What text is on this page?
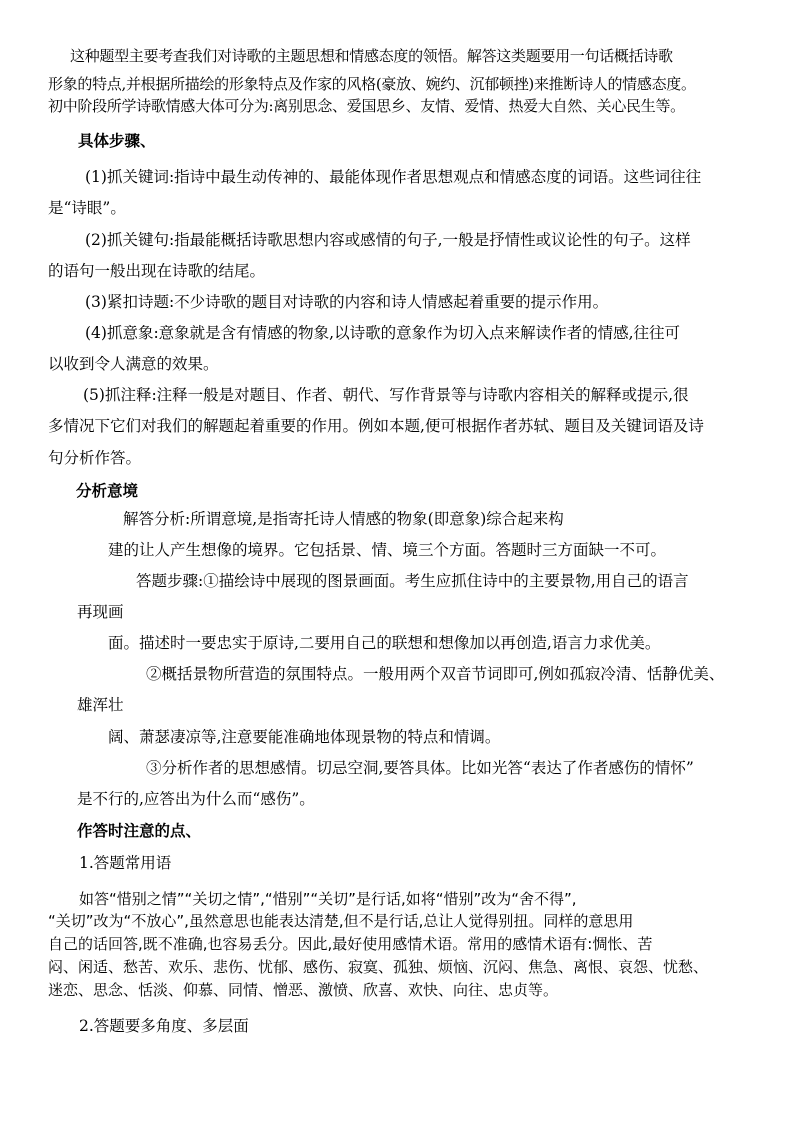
这种题型主要考查我们对诗歌的主题思想和情感态度的领悟。解答这类题要用一句话概括诗歌
形象的特点,并根据所描绘的形象特点及作家的风格(豪放、婉约、沉郁顿挫)来推断诗人的情感态度。
初中阶段所学诗歌情感大体可分为:离别思念、爱国思乡、友情、爱情、热爱大自然、关心民生等。
具体步骤、
(1)抓关键词:指诗中最生动传神的、最能体现作者思想观点和情感态度的词语。这些词往往
是“诗眼”。
(2)抓关键句:指最能概括诗歌思想内容或感情的句子,一般是抒情性或议论性的句子。这样
的语句一般出现在诗歌的结尾。
(3)紧扣诗题:不少诗歌的题目对诗歌的内容和诗人情感起着重要的提示作用。
(4)抓意象:意象就是含有情感的物象,以诗歌的意象作为切入点来解读作者的情感,往往可
以收到令人满意的效果。
(5)抓注释:注释一般是对题目、作者、朝代、写作背景等与诗歌内容相关的解释或提示,很
多情况下它们对我们的解题起着重要的作用。例如本题,便可根据作者苏轼、题目及关键词语及诗
句分析作答。
分析意境
解答分析:所谓意境,是指寄托诗人情感的物象(即意象)综合起来构
建的让人产生想像的境界。它包括景、情、境三个方面。答题时三方面缺一不可。
答题步骤:①描绘诗中展现的图景画面。考生应抓住诗中的主要景物,用自己的语言
再现画
面。描述时一要忠实于原诗,二要用自己的联想和想像加以再创造,语言力求优美。
②概括景物所营造的氛围特点。一般用两个双音节词即可,例如孤寂冷清、恬静优美、
雄浑壮
阔、萧瑟凄凉等,注意要能准确地体现景物的特点和情调。
③分析作者的思想感情。切忌空洞,要答具体。比如光答“表达了作者感伤的情怀”
是不行的,应答出为什么而“感伤”。
作答时注意的点、
1.答题常用语
如答“惜别之情”“关切之情”,“惜别”“关切”是行话,如将“惜别”改为“舍不得”,
“关切”改为“不放心”,虽然意思也能表达清楚,但不是行话,总让人觉得别扭。同样的意思用
自己的话回答,既不准确,也容易丢分。因此,最好使用感情术语。常用的感情术语有:惆怅、苦
闷、闲适、愁苦、欢乐、悲伤、忧郁、感伤、寂寞、孤独、烦恼、沉闷、焦急、离恨、哀怨、忧愁、
迷恋、思念、恬淡、仰慕、同情、憎恶、激愤、欣喜、欢快、向往、忠贞等。
2.答题要多角度、多层面
